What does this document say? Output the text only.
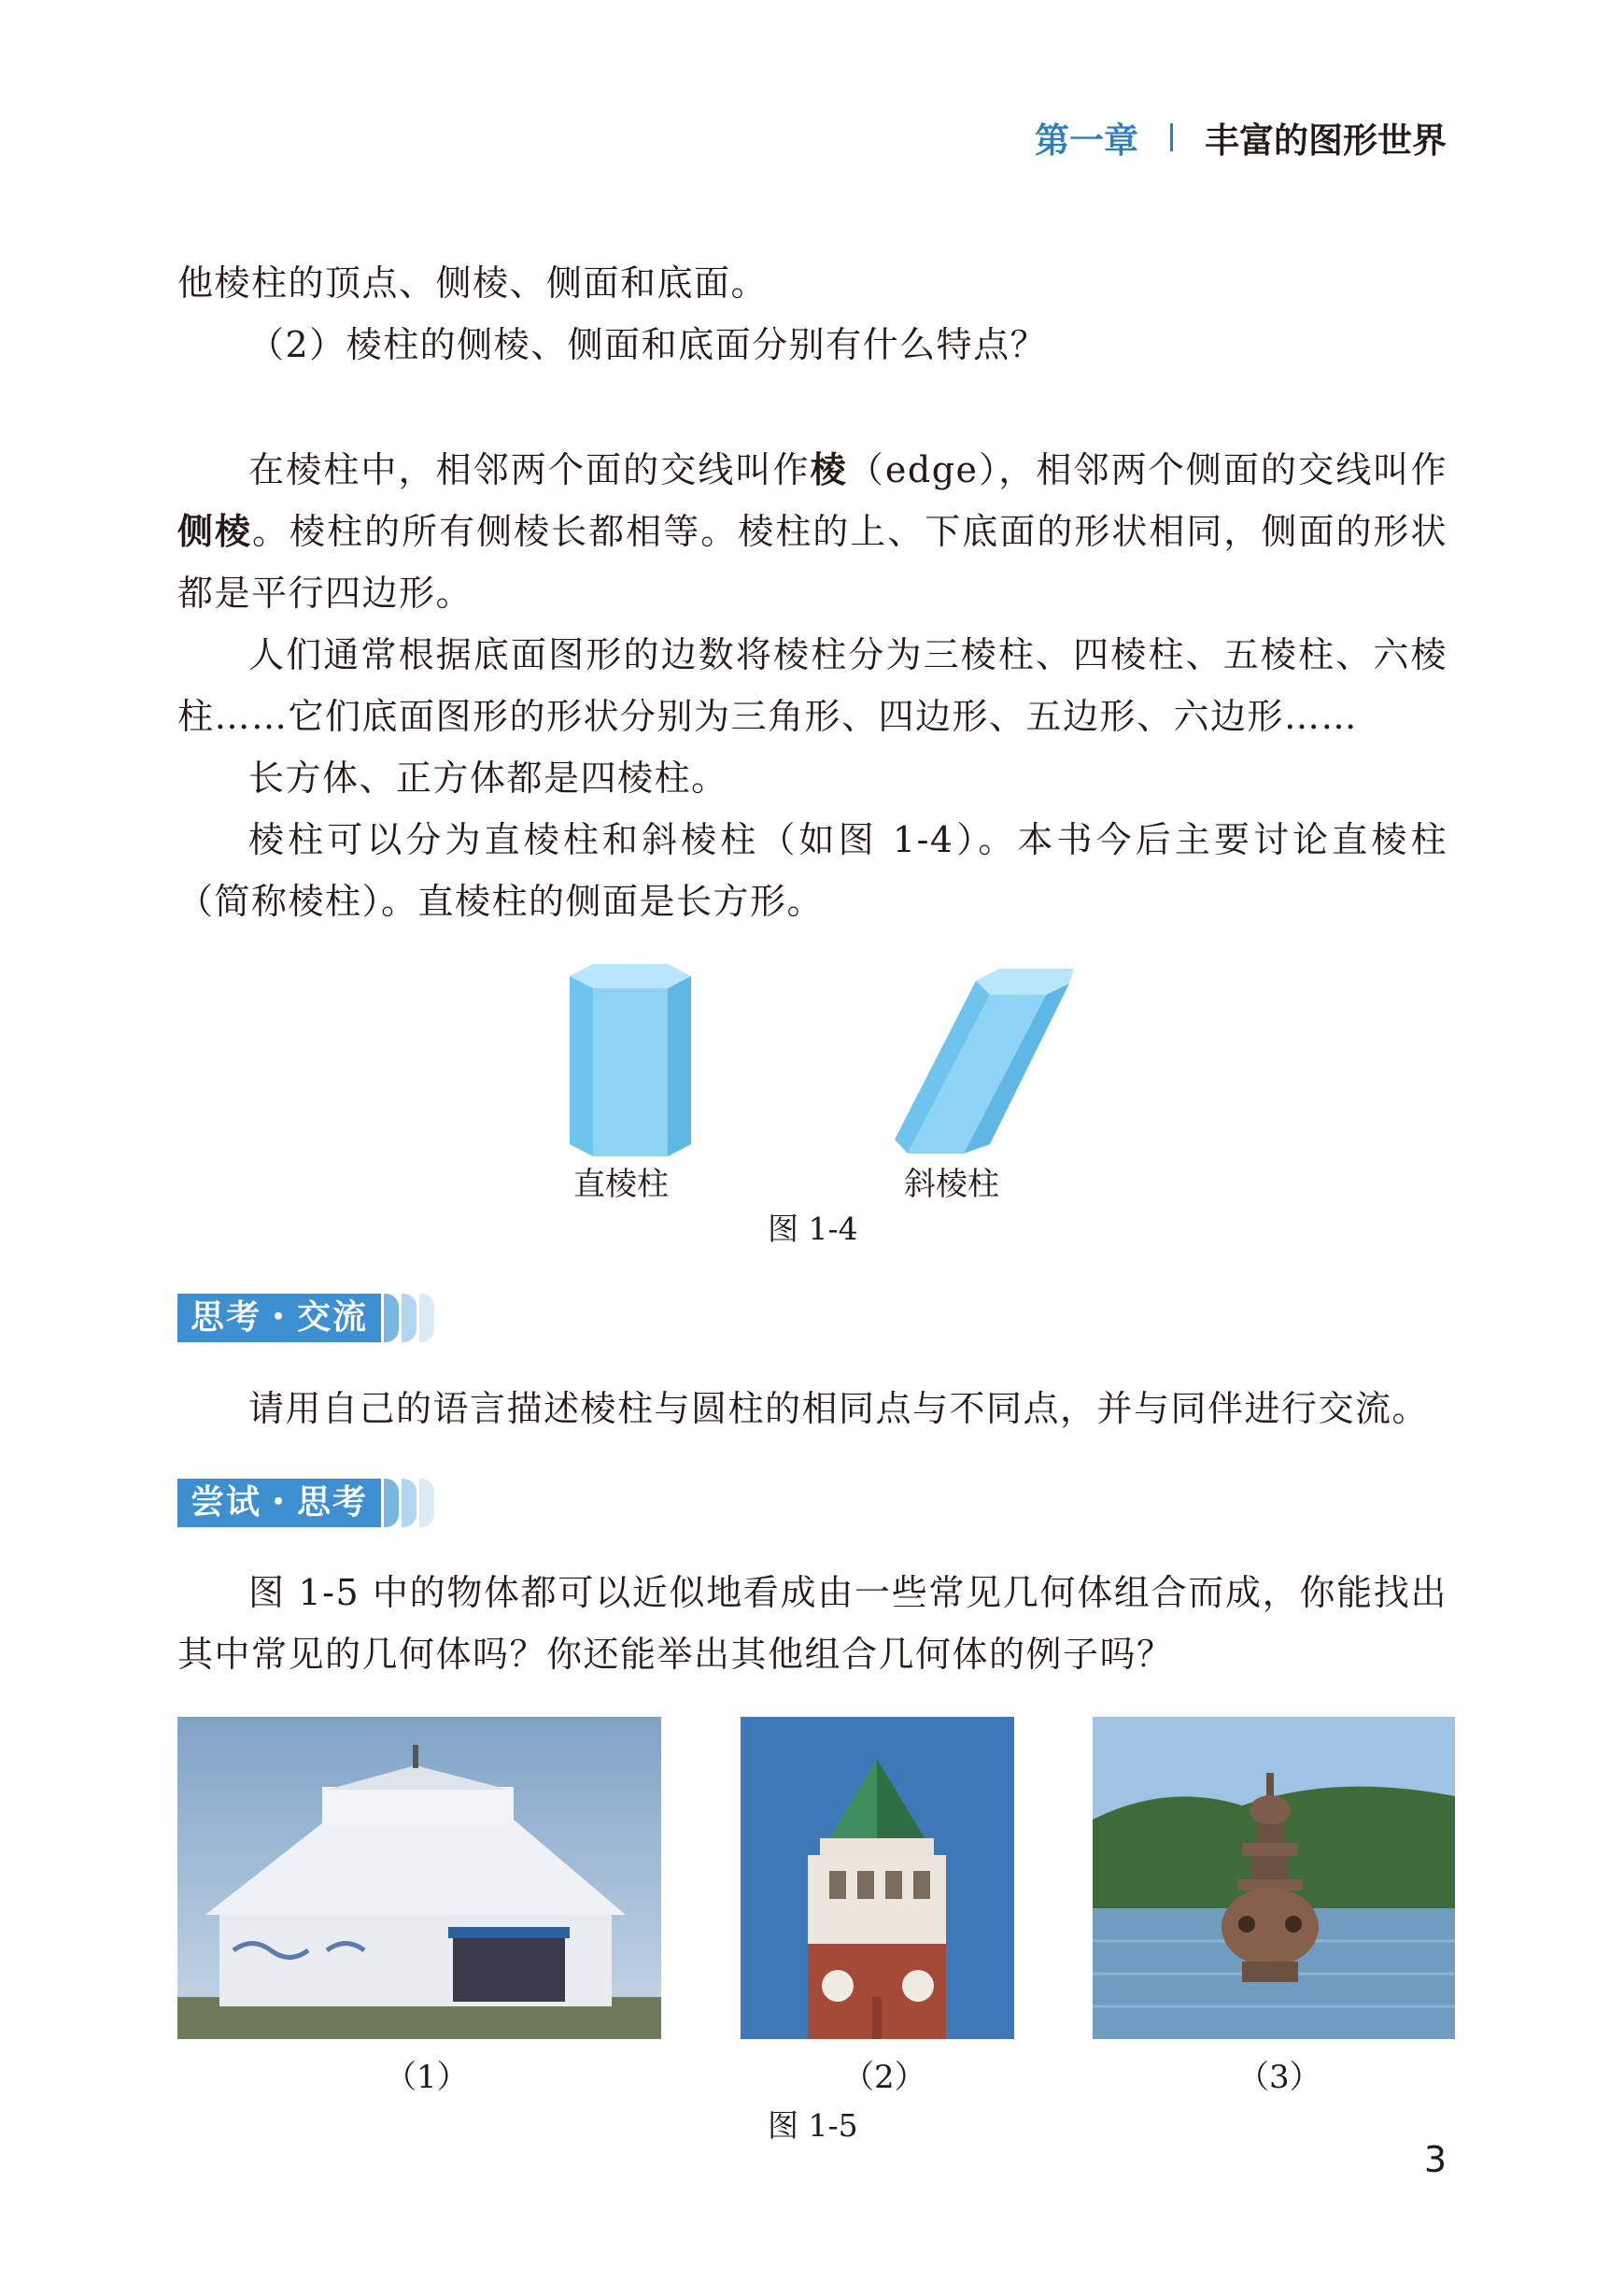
第一章 丰富的图形世界

他棱柱的顶点、侧棱、侧面和底面。

（2）棱柱的侧棱、侧面和底面分别有什么特点？

在棱柱中，相邻两个面的交线叫作棱（edge），相邻两个侧面的交线叫作侧棱。棱柱的所有侧棱长都相等。棱柱的上、下底面的形状相同，侧面的形状都是平行四边形。

人们通常根据底面图形的边数将棱柱分为三棱柱、四棱柱、五棱柱、六棱柱……它们底面图形的形状分别为三角形、四边形、五边形、六边形……

长方体、正方体都是四棱柱。

棱柱可以分为直棱柱和斜棱柱（如图 1-4）。本书今后主要讨论直棱柱（简称棱柱）。直棱柱的侧面是长方形。

直棱柱	斜棱柱
图 1-4
思考・交流

请用自己的语言描述棱柱与圆柱的相同点与不同点，并与同伴进行交流。

尝试・思考

图 1-5 中的物体都可以近似地看成由一些常见几何体组合而成，你能找出其中常见的几何体吗？你还能举出其他组合几何体的例子吗？

（1）	（2）	（3）
图 1-5
3
